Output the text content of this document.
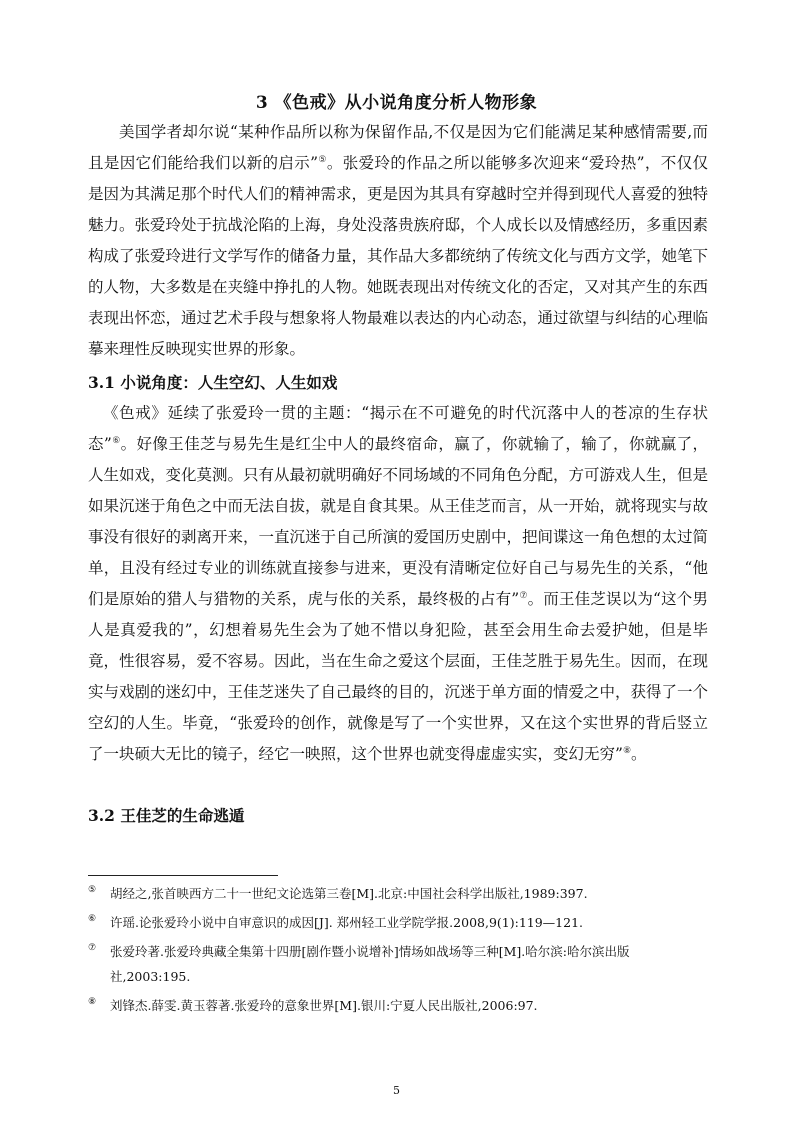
3 《色戒》从小说角度分析人物形象

美国学者却尔说“某种作品所以称为保留作品,不仅是因为它们能满足某种感情需要,而且是因它们能给我们以新的启示”⑤。张爱玲的作品之所以能够多次迎来“爱玲热”，不仅仅是因为其满足那个时代人们的精神需求，更是因为其具有穿越时空并得到现代人喜爱的独特魅力。张爱玲处于抗战沦陷的上海，身处没落贵族府邸，个人成长以及情感经历，多重因素构成了张爱玲进行文学写作的储备力量，其作品大多都统纳了传统文化与西方文学，她笔下的人物，大多数是在夹缝中挣扎的人物。她既表现出对传统文化的否定，又对其产生的东西表现出怀恋，通过艺术手段与想象将人物最难以表达的内心动态，通过欲望与纠结的心理临摹来理性反映现实世界的形象。

3.1 小说角度：人生空幻、人生如戏

《色戒》延续了张爱玲一贯的主题：“揭示在不可避免的时代沉落中人的苍凉的生存状态”⑥。好像王佳芝与易先生是红尘中人的最终宿命，赢了，你就输了，输了，你就赢了，人生如戏，变化莫测。只有从最初就明确好不同场域的不同角色分配，方可游戏人生，但是如果沉迷于角色之中而无法自拔，就是自食其果。从王佳芝而言，从一开始，就将现实与故事没有很好的剥离开来，一直沉迷于自己所演的爱国历史剧中，把间谍这一角色想的太过简单，且没有经过专业的训练就直接参与进来，更没有清晰定位好自己与易先生的关系，“他们是原始的猎人与猎物的关系，虎与伥的关系，最终极的占有”⑦。而王佳芝误以为“这个男人是真爱我的”，幻想着易先生会为了她不惜以身犯险，甚至会用生命去爱护她，但是毕竟，性很容易，爱不容易。因此，当在生命之爱这个层面，王佳芝胜于易先生。因而，在现实与戏剧的迷幻中，王佳芝迷失了自己最终的目的，沉迷于单方面的情爱之中，获得了一个空幻的人生。毕竟，“张爱玲的创作，就像是写了一个实世界，又在这个实世界的背后竖立了一块硕大无比的镜子，经它一映照，这个世界也就变得虚虚实实，变幻无穷”⑧。

3.2 王佳芝的生命逃遁
⑤ 胡经之,张首映西方二十一世纪文论选第三卷[M].北京:中国社会科学出版社,1989:397.
⑥ 许瑶.论张爱玲小说中自审意识的成因[J]. 郑州轻工业学院学报.2008,9(1):119—121.
⑦ 张爱玲著.张爱玲典藏全集第十四册[剧作暨小说增补]情场如战场等三种[M].哈尔滨:哈尔滨出版社,2003:195.
⑧ 刘锋杰.薛雯.黄玉蓉著.张爱玲的意象世界[M].银川:宁夏人民出版社,2006:97.
5
